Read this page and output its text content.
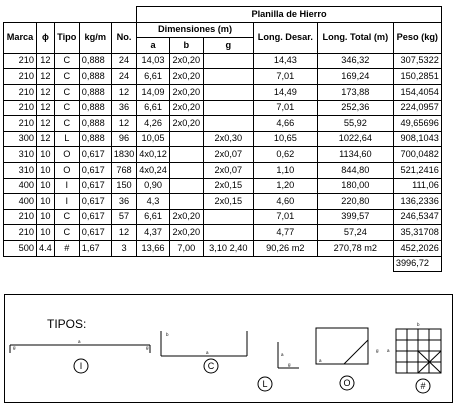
					Planilla de Hierro					
Marca	ϕ	Tipo	kg/m	No.	Dimensiones (m)			Long. Desar.	Long. Total (m)	Peso (kg)
					a	b	g			
210	12	C	0,888	24	14,03	2x0,20		14,43	346,32	307,5322
210	12	C	0,888	24	6,61	2x0,20		7,01	169,24	150,2851
210	12	C	0,888	12	14,09	2x0,20		14,49	173,88	154,4054
210	12	C	0,888	36	6,61	2x0,20		7,01	252,36	224,0957
210	12	C	0,888	12	4,26	2x0,20		4,66	55,92	49,65696
300	12	L	0,888	96	10,05		2x0,30	10,65	1022,64	908,1043
310	10	O	0,617	1830	4x0,12		2x0,07	0,62	1134,60	700,0482
310	10	O	0,617	768	4x0,24		2x0,07	1,10	844,80	521,2416
400	10	I	0,617	150	0,90		2x0,15	1,20	180,00	111,06
400	10	I	0,617	36	4,3		2x0,15	4,60	220,80	136,2336
210	10	C	0,617	57	6,61	2x0,20		7,01	399,57	246,5347
210	10	C	0,617	12	4,37	2x0,20		4,77	57,24	35,31708
500	4.4	#	1,67	3	13,66	7,00	3,10 2,40	90,26 m2	270,78 m2	452,2026
										3996,72
TIPOS:
g	g
a
b
a	a
g
a
g
b
a
I	C
L	O	#
